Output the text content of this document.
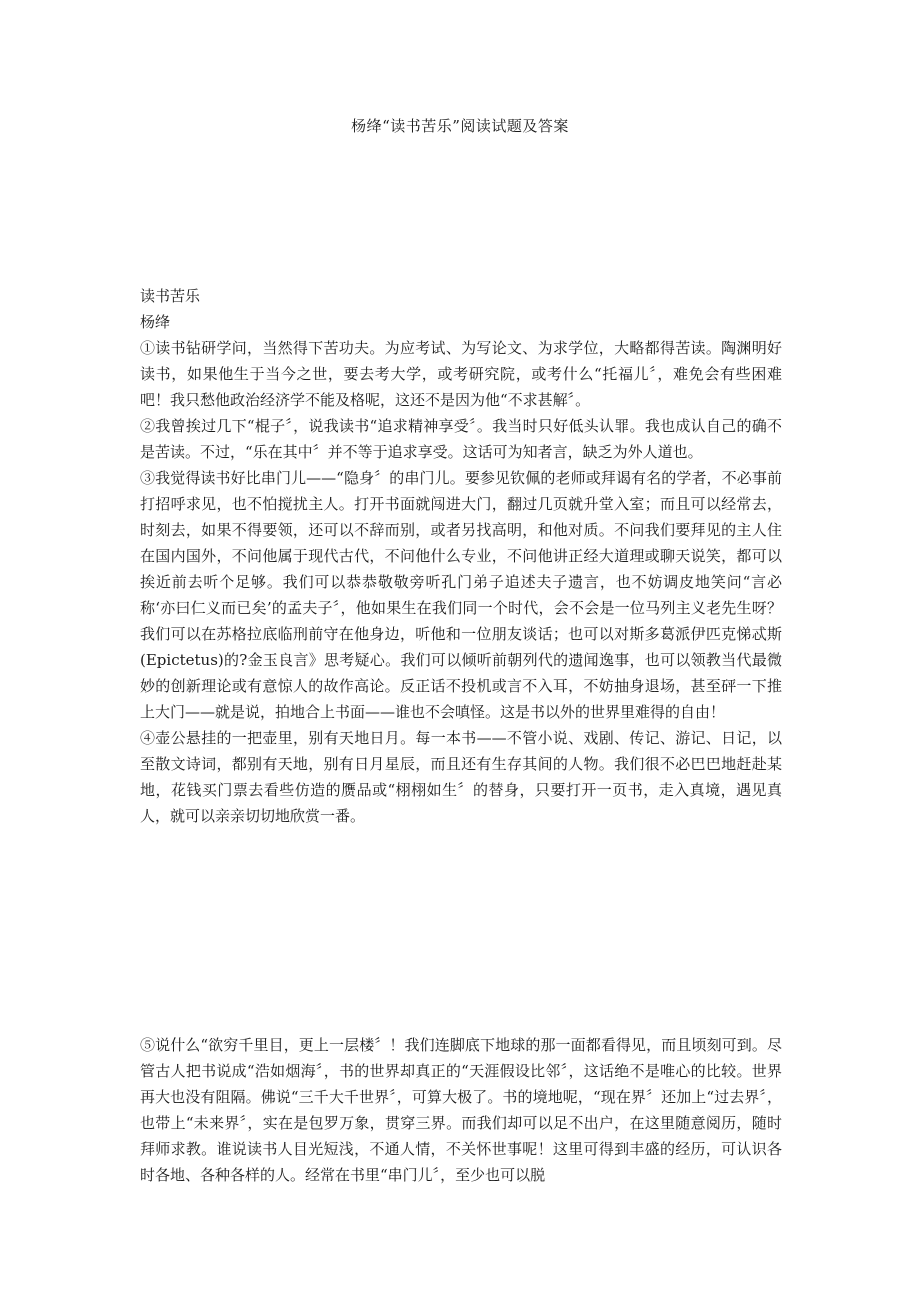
杨绛“读书苦乐”阅读试题及答案

读书苦乐

杨绛

①读书钻研学问，当然得下苦功夫。为应考试、为写论文、为求学位，大略都得苦读。陶渊明好读书，如果他生于当今之世，要去考大学，或考研究院，或考什么“托福儿〞，难免会有些困难吧！我只愁他政治经济学不能及格呢，这还不是因为他“不求甚解〞。

②我曾挨过几下“棍子〞，说我读书“追求精神享受〞。我当时只好低头认罪。我也成认自己的确不是苦读。不过，“乐在其中〞并不等于追求享受。这话可为知者言，缺乏为外人道也。

③我觉得读书好比串门儿——“隐身〞的串门儿。要参见钦佩的老师或拜谒有名的学者，不必事前打招呼求见，也不怕搅扰主人。打开书面就闯进大门，翻过几页就升堂入室；而且可以经常去，时刻去，如果不得要领，还可以不辞而别，或者另找高明，和他对质。不问我们要拜见的主人住在国内国外，不问他属于现代古代，不问他什么专业，不问他讲正经大道理或聊天说笑，都可以挨近前去听个足够。我们可以恭恭敬敬旁听孔门弟子追述夫子遗言，也不妨调皮地笑问“言必称‘亦曰仁义而已矣’的孟夫子〞，他如果生在我们同一个时代，会不会是一位马列主义老先生呀？我们可以在苏格拉底临刑前守在他身边，听他和一位朋友谈话；也可以对斯多葛派伊匹克悌忒斯(Epictetus)的?金玉良言》思考疑心。我们可以倾听前朝列代的遗闻逸事，也可以领教当代最微妙的创新理论或有意惊人的故作高论。反正话不投机或言不入耳，不妨抽身退场，甚至砰一下推上大门——就是说，拍地合上书面——谁也不会嗔怪。这是书以外的世界里难得的自由！

④壶公悬挂的一把壶里，别有天地日月。每一本书——不管小说、戏剧、传记、游记、日记，以至散文诗词，都别有天地，别有日月星辰，而且还有生存其间的人物。我们很不必巴巴地赶赴某地，花钱买门票去看些仿造的赝品或“栩栩如生〞的替身，只要打开一页书，走入真境，遇见真人，就可以亲亲切切地欣赏一番。

⑤说什么“欲穷千里目，更上一层楼〞！我们连脚底下地球的那一面都看得见，而且顷刻可到。尽管古人把书说成“浩如烟海〞，书的世界却真正的“天涯假设比邻〞，这话绝不是唯心的比较。世界再大也没有阻隔。佛说“三千大千世界〞，可算大极了。书的境地呢，“现在界〞还加上“过去界〞，也带上“未来界〞，实在是包罗万象，贯穿三界。而我们却可以足不出户，在这里随意阅历，随时拜师求教。谁说读书人目光短浅，不通人情，不关怀世事呢！这里可得到丰盛的经历，可认识各时各地、各种各样的人。经常在书里“串门儿〞，至少也可以脱
